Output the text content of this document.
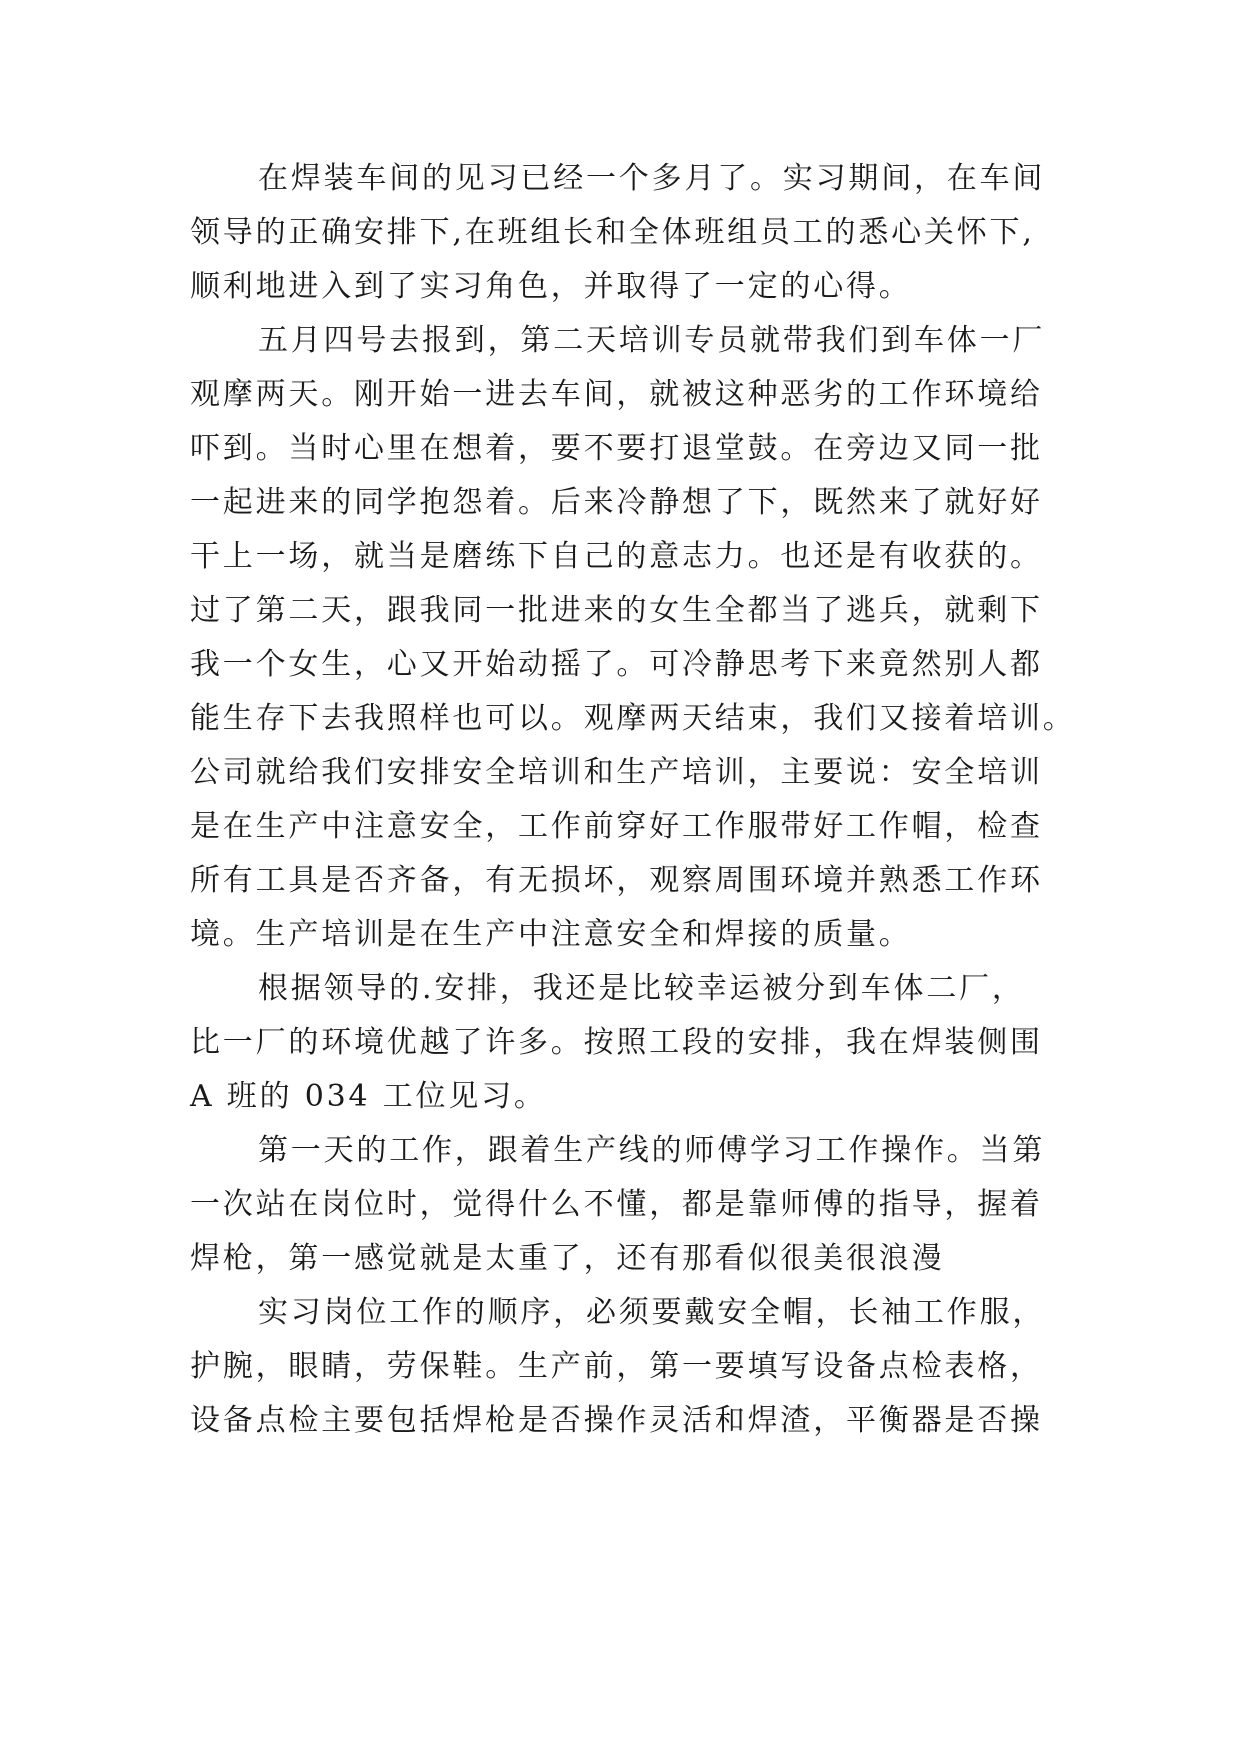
在焊装车间的见习已经一个多月了。实习期间，在车间
领导的正确安排下,在班组长和全体班组员工的悉心关怀下,
顺利地进入到了实习角色，并取得了一定的心得。
五月四号去报到，第二天培训专员就带我们到车体一厂
观摩两天。刚开始一进去车间，就被这种恶劣的工作环境给
吓到。当时心里在想着，要不要打退堂鼓。在旁边又同一批
一起进来的同学抱怨着。后来冷静想了下，既然来了就好好
干上一场，就当是磨练下自己的意志力。也还是有收获的。
过了第二天，跟我同一批进来的女生全都当了逃兵，就剩下
我一个女生，心又开始动摇了。可冷静思考下来竟然别人都
能生存下去我照样也可以。观摩两天结束，我们又接着培训。
公司就给我们安排安全培训和生产培训，主要说：安全培训
是在生产中注意安全，工作前穿好工作服带好工作帽，检查
所有工具是否齐备，有无损坏，观察周围环境并熟悉工作环
境。生产培训是在生产中注意安全和焊接的质量。
根据领导的.安排，我还是比较幸运被分到车体二厂，
比一厂的环境优越了许多。按照工段的安排，我在焊装侧围
A 班的 034 工位见习。
第一天的工作，跟着生产线的师傅学习工作操作。当第
一次站在岗位时，觉得什么不懂，都是靠师傅的指导，握着
焊枪，第一感觉就是太重了，还有那看似很美很浪漫
实习岗位工作的顺序，必须要戴安全帽，长袖工作服，
护腕，眼睛，劳保鞋。生产前，第一要填写设备点检表格，
设备点检主要包括焊枪是否操作灵活和焊渣，平衡器是否操
